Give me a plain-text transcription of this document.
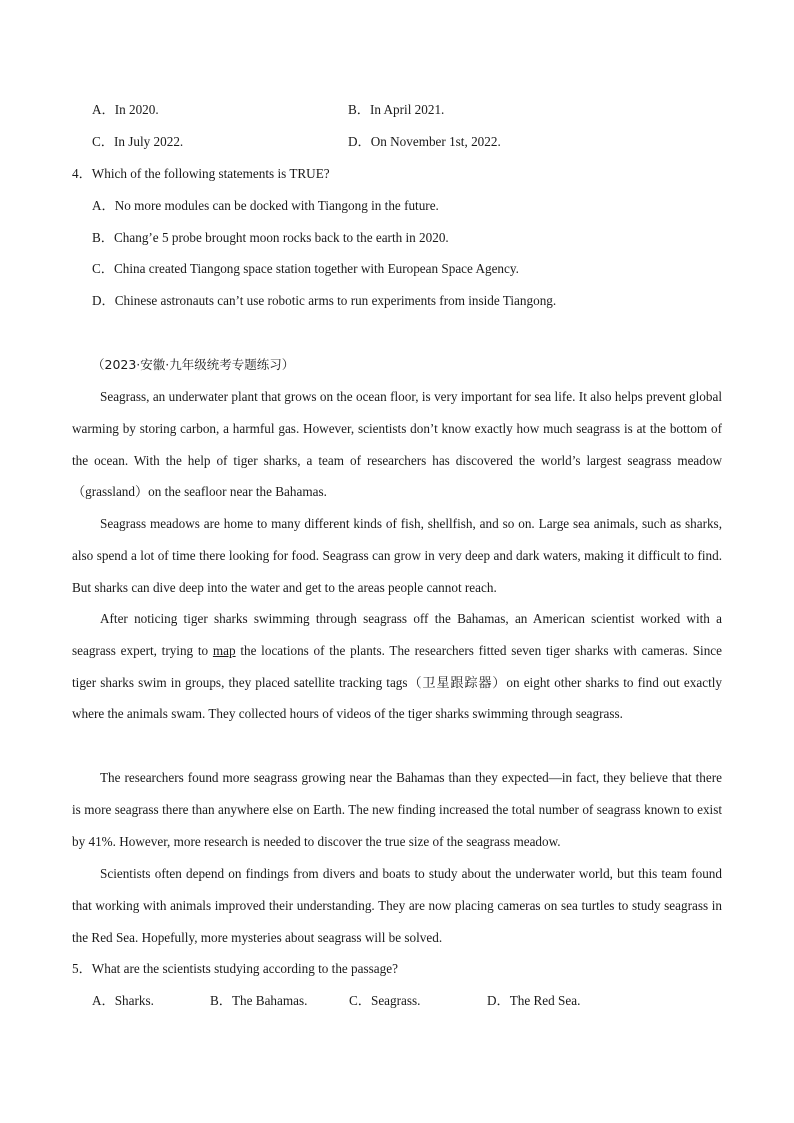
A．In 2020.	B．In April 2021.
C．In July 2022.	D．On November 1st, 2022.
4．Which of the following statements is TRUE?
A．No more modules can be docked with Tiangong in the future.
B．Chang’e 5 probe brought moon rocks back to the earth in 2020.
C．China created Tiangong space station together with European Space Agency.
D．Chinese astronauts can’t use robotic arms to run experiments from inside Tiangong.
（2023·安徽·九年级统考专题练习）

Seagrass, an underwater plant that grows on the ocean floor, is very important for sea life. It also helps prevent global warming by storing carbon, a harmful gas. However, scientists don’t know exactly how much seagrass is at the bottom of the ocean. With the help of tiger sharks, a team of researchers has discovered the world’s largest seagrass meadow（grassland）on the seafloor near the Bahamas.

Seagrass meadows are home to many different kinds of fish, shellfish, and so on. Large sea animals, such as sharks, also spend a lot of time there looking for food. Seagrass can grow in very deep and dark waters, making it difficult to find. But sharks can dive deep into the water and get to the areas people cannot reach.

After noticing tiger sharks swimming through seagrass off the Bahamas, an American scientist worked with a seagrass expert, trying to map the locations of the plants. The researchers fitted seven tiger sharks with cameras. Since tiger sharks swim in groups, they placed satellite tracking tags（卫星跟踪器）on eight other sharks to find out exactly where the animals swam. They collected hours of videos of the tiger sharks swimming through seagrass.

The researchers found more seagrass growing near the Bahamas than they expected—in fact, they believe that there is more seagrass there than anywhere else on Earth. The new finding increased the total number of seagrass known to exist by 41%. However, more research is needed to discover the true size of the seagrass meadow.

Scientists often depend on findings from divers and boats to study about the underwater world, but this team found that working with animals improved their understanding. They are now placing cameras on sea turtles to study seagrass in the Red Sea. Hopefully, more mysteries about seagrass will be solved.

5．What are the scientists studying according to the passage?
A．Sharks.	B．The Bahamas.	C．Seagrass.	D．The Red Sea.
